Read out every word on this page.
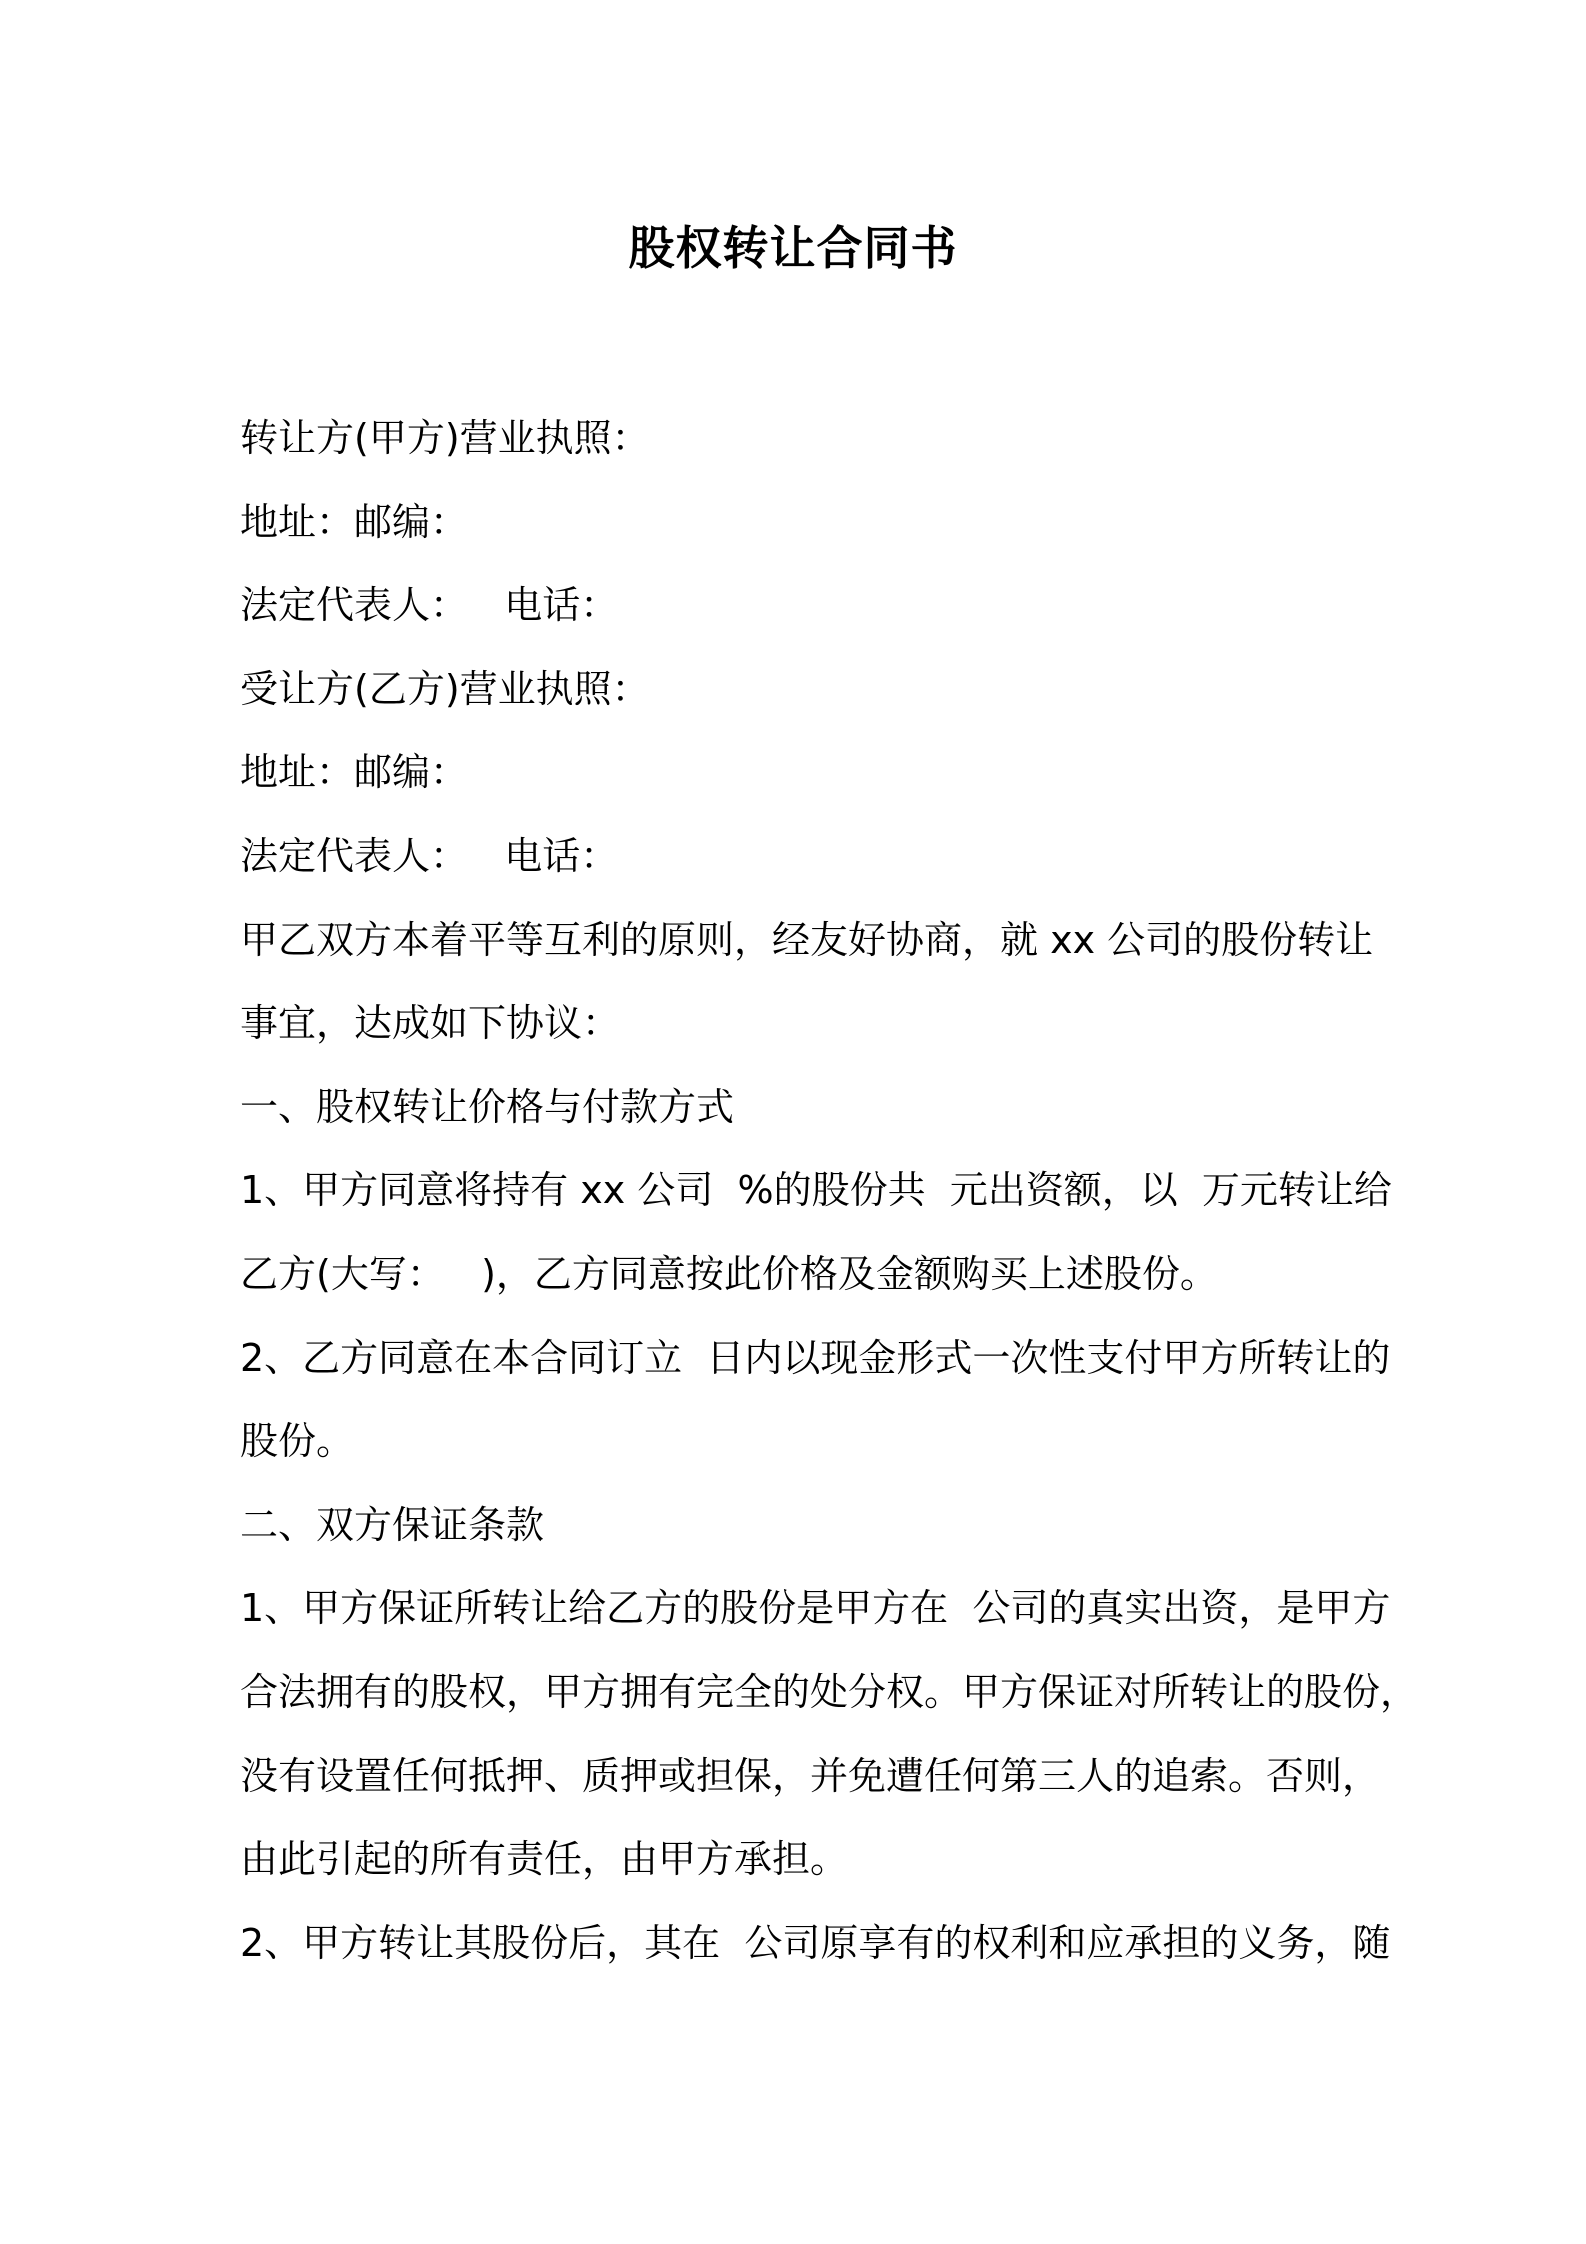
股权转让合同书
转让方(甲方)营业执照：
地址：邮编：
法定代表人：   电话：
受让方(乙方)营业执照：
地址：邮编：
法定代表人：   电话：
甲乙双方本着平等互利的原则，经友好协商，就 xx 公司的股份转让
事宜，达成如下协议：
一、股权转让价格与付款方式
1、甲方同意将持有 xx 公司  %的股份共  元出资额，以  万元转让给
乙方(大写：   )，乙方同意按此价格及金额购买上述股份。
2、乙方同意在本合同订立  日内以现金形式一次性支付甲方所转让的
股份。
二、双方保证条款
1、甲方保证所转让给乙方的股份是甲方在  公司的真实出资，是甲方
合法拥有的股权，甲方拥有完全的处分权。甲方保证对所转让的股份，
没有设置任何抵押、质押或担保，并免遭任何第三人的追索。否则，
由此引起的所有责任，由甲方承担。
2、甲方转让其股份后，其在  公司原享有的权利和应承担的义务，随
